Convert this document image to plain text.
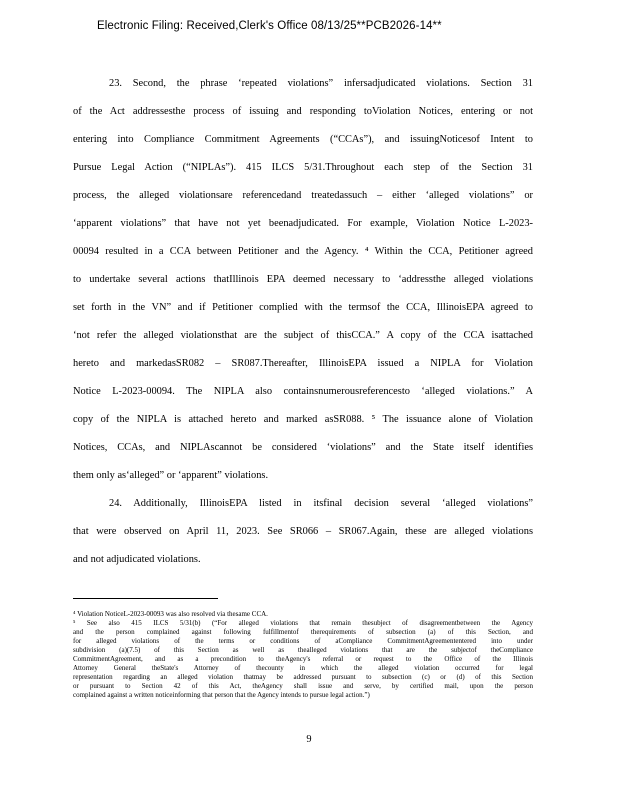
Electronic Filing: Received,Clerk's Office 08/13/25**PCB2026-14**
23. Second, the phrase ‘repeated violations” infersadjudicated violations. Section 31
of the Act addressesthe process of issuing and responding toViolation Notices, entering or not
entering into Compliance Commitment Agreements (“CCAs”), and issuingNoticesof Intent to
Pursue Legal Action (“NIPLAs”). 415 ILCS 5/31.Throughout each step of the Section 31
process, the alleged violationsare referencedand treatedassuch – either ‘alleged violations” or
‘apparent violations” that have not yet beenadjudicated. For example, Violation Notice L-2023-
00094 resulted in a CCA between Petitioner and the Agency. ⁴ Within the CCA, Petitioner agreed
to undertake several actions thatIllinois EPA deemed necessary to ‘addressthe alleged violations
set forth in the VN” and if Petitioner complied with the termsof the CCA, IllinoisEPA agreed to
‘not refer the alleged violationsthat are the subject of thisCCA.” A copy of the CCA isattached
hereto and markedasSR082 – SR087.Thereafter, IllinoisEPA issued a NIPLA for Violation
Notice L-2023-00094. The NIPLA also containsnumerousreferencesto ‘alleged violations.” A
copy of the NIPLA is attached hereto and marked asSR088. ⁵ The issuance alone of Violation
Notices, CCAs, and NIPLAscannot be considered ‘violations” and the State itself identifies
them only as‘alleged” or ‘apparent” violations.
24. Additionally, IllinoisEPA listed in itsfinal decision several ‘alleged violations”
that were observed on April 11, 2023. See SR066 – SR067.Again, these are alleged violations
and not adjudicated violations.
⁴ Violation NoticeL-2023-00093 was also resolved via thesame CCA.
⁵ See also 415 ILCS 5/31(b) (“For alleged violations that remain thesubject of disagreementbetween the Agency
and the person complained against following fulfillmentof therequirements of subsection (a) of this Section, and
for alleged violations of the terms or conditions of aCompliance CommitmentAgreemententered into under
subdivision (a)(7.5) of this Section as well as thealleged violations that are the subjectof theCompliance
CommitmentAgreement, and as a precondition to theAgency's referral or request to the Office of the Illinois
Attorney General theState's Attorney of thecounty in which the alleged violation occurred for legal
representation regarding an alleged violation thatmay be addressed pursuant to subsection (c) or (d) of this Section
or pursuant to Section 42 of this Act, theAgency shall issue and serve, by certified mail, upon the person
complained against a written noticeinforming that person that the Agency intends to pursue legal action.”)
9
